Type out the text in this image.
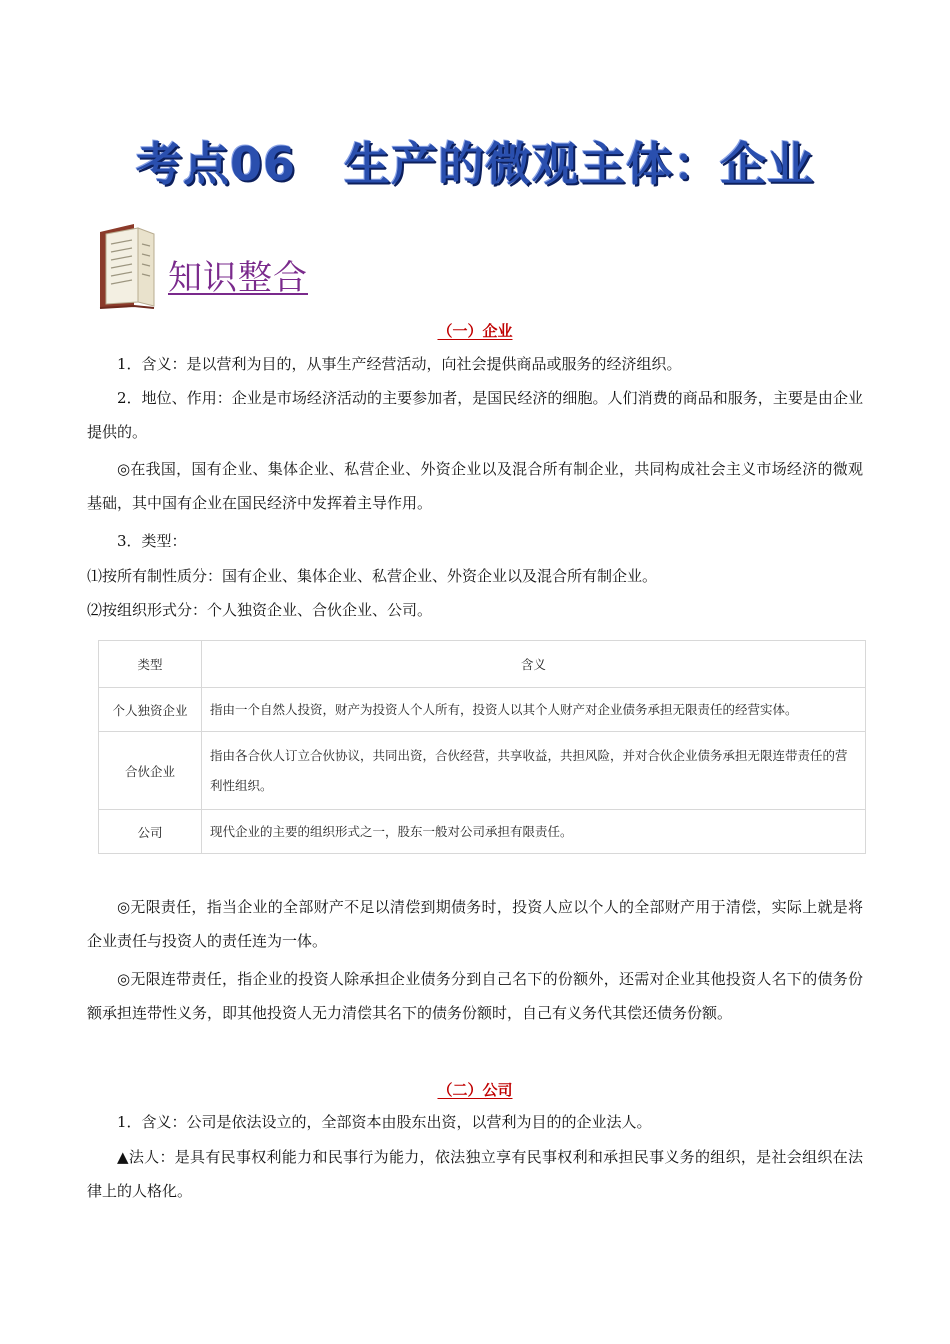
考点06 生产的微观主体：企业
知识整合
（一）企业

1．含义：是以营利为目的，从事生产经营活动，向社会提供商品或服务的经济组织。

2．地位、作用：企业是市场经济活动的主要参加者，是国民经济的细胞。人们消费的商品和服务，主要是由企业提供的。

◎在我国，国有企业、集体企业、私营企业、外资企业以及混合所有制企业，共同构成社会主义市场经济的微观基础，其中国有企业在国民经济中发挥着主导作用。

3．类型：

⑴按所有制性质分：国有企业、集体企业、私营企业、外资企业以及混合所有制企业。

⑵按组织形式分：个人独资企业、合伙企业、公司。

类型	含义
个人独资企业	指由一个自然人投资，财产为投资人个人所有，投资人以其个人财产对企业债务承担无限责任的经营实体。
合伙企业	指由各合伙人订立合伙协议，共同出资，合伙经营，共享收益，共担风险，并对合伙企业债务承担无限连带责任的营利性组织。
公司	现代企业的主要的组织形式之一，股东一般对公司承担有限责任。

◎无限责任，指当企业的全部财产不足以清偿到期债务时，投资人应以个人的全部财产用于清偿，实际上就是将企业责任与投资人的责任连为一体。

◎无限连带责任，指企业的投资人除承担企业债务分到自己名下的份额外，还需对企业其他投资人名下的债务份额承担连带性义务，即其他投资人无力清偿其名下的债务份额时，自己有义务代其偿还债务份额。

（二）公司

1．含义：公司是依法设立的，全部资本由股东出资，以营利为目的的企业法人。

▲法人：是具有民事权利能力和民事行为能力，依法独立享有民事权利和承担民事义务的组织，是社会组织在法律上的人格化。
